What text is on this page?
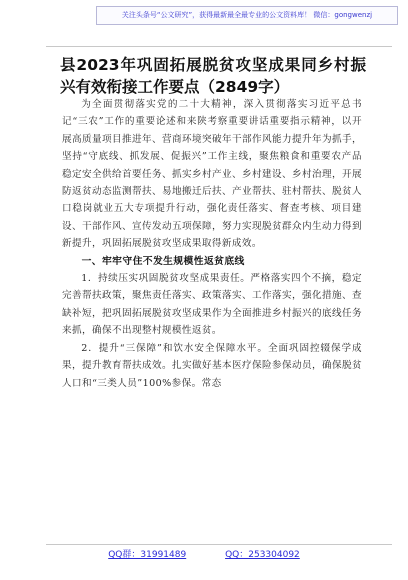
关注头条号“公文研究”，获得最新最全最专业的公文资料库！ 微信：gongwenzj
县2023年巩固拓展脱贫攻坚成果同乡村振兴有效衔接工作要点（2849字）

为全面贯彻落实党的二十大精神，深入贯彻落实习近平总书记“三农”工作的重要论述和来陕考察重要讲话重要指示精神，以开展高质量项目推进年、营商环境突破年干部作风能力提升年为抓手，坚持“守底线、抓发展、促振兴”工作主线，聚焦粮食和重要农产品稳定安全供给首要任务、抓实乡村产业、乡村建设、乡村治理，开展防返贫动态监测帮扶、易地搬迁后扶、产业帮扶、驻村帮扶、脱贫人口稳岗就业五大专项提升行动，强化责任落实、督查考核、项目建设、干部作风、宣传发动五项保障，努力实现脱贫群众内生动力得到新提升，巩固拓展脱贫攻坚成果取得新成效。

一、牢牢守住不发生规模性返贫底线

1．持续压实巩固脱贫攻坚成果责任。严格落实四个不摘，稳定完善帮扶政策，聚焦责任落实、政策落实、工作落实，强化措施、查缺补短，把巩固拓展脱贫攻坚成果作为全面推进乡村振兴的底线任务来抓，确保不出现整村规模性返贫。

2．提升“三保障”和饮水安全保障水平。全面巩固控辍保学成果，提升教育帮扶成效。扎实做好基本医疗保险参保动员，确保脱贫人口和“三类人员”100%参保。常态

QQ群：31991489	QQ：253304092
